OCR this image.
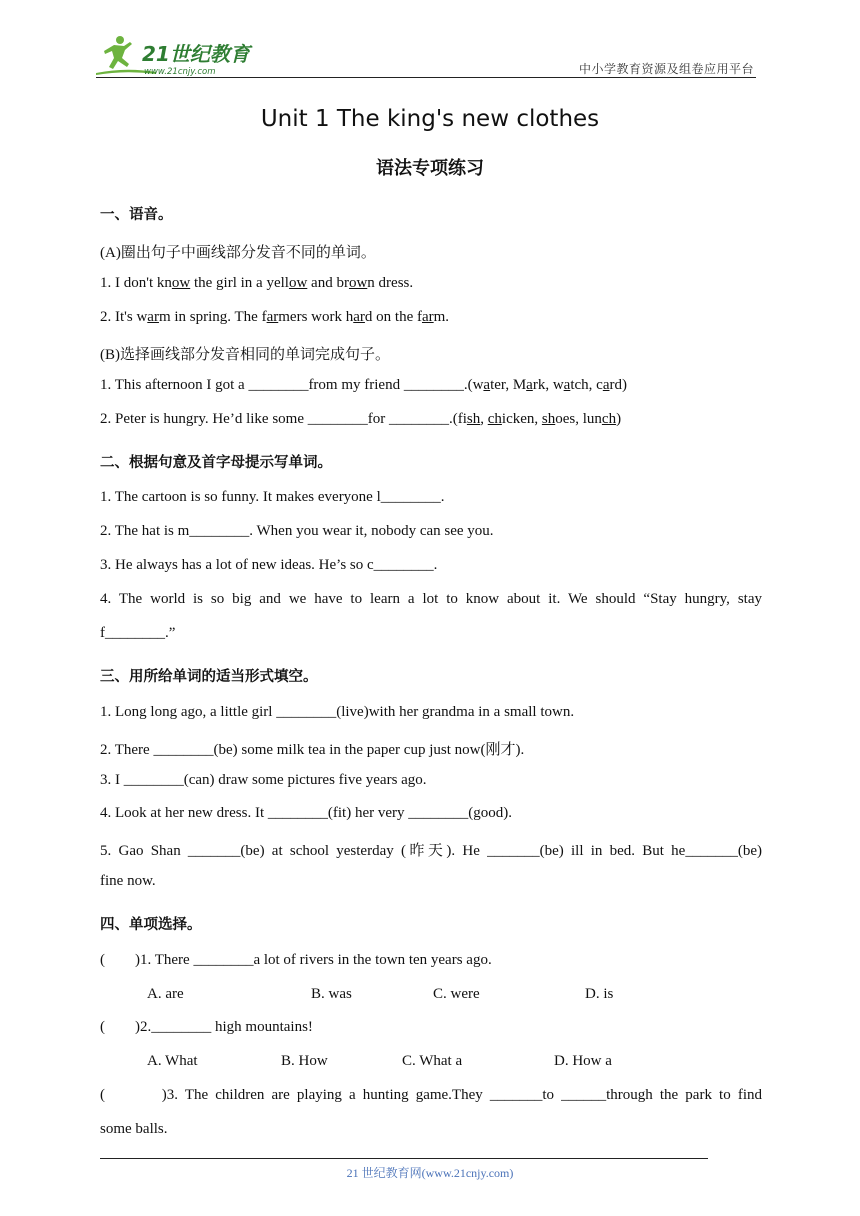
21世纪教育
www.21cnjy.com	中小学教育资源及组卷应用平台
Unit 1 The king's new clothes
语法专项练习
一、语音。
(A)圈出句子中画线部分发音不同的单词。
1. I don't know the girl in a yellow and brown dress.
2. It's warm in spring. The farmers work hard on the farm.
(B)选择画线部分发音相同的单词完成句子。
1. This afternoon I got a ________from my friend ________.(water, Mark, watch, card)
2. Peter is hungry. He’d like some ________for ________.(fish, chicken, shoes, lunch)
二、根据句意及首字母提示写单词。
1. The cartoon is so funny. It makes everyone l________.
2. The hat is m________. When you wear it, nobody can see you.
3. He always has a lot of new ideas. He’s so c________.
4. The world is so big and we have to learn a lot to know about it. We should “Stay hungry, stay
f________.”
三、用所给单词的适当形式填空。
1. Long long ago, a little girl ________(live)with her grandma in a small town.
2. There ________(be) some milk tea in the paper cup just now(刚才).
3. I ________(can) draw some pictures five years ago.
4. Look at her new dress. It ________(fit) her very ________(good).
5. Gao Shan _______(be) at school yesterday (昨天). He _______(be) ill in bed. But he_______(be)
fine now.
四、单项选择。
(        )1. There ________a lot of rivers in the town ten years ago.
A. are	B. was	C. were	D. is
(        )2.________ high mountains!
A. What	B. How	C. What a	D. How a
(        )3. The children are playing a hunting game.They _______to ______through the park to find
some balls.
21 世纪教育网(www.21cnjy.com)
